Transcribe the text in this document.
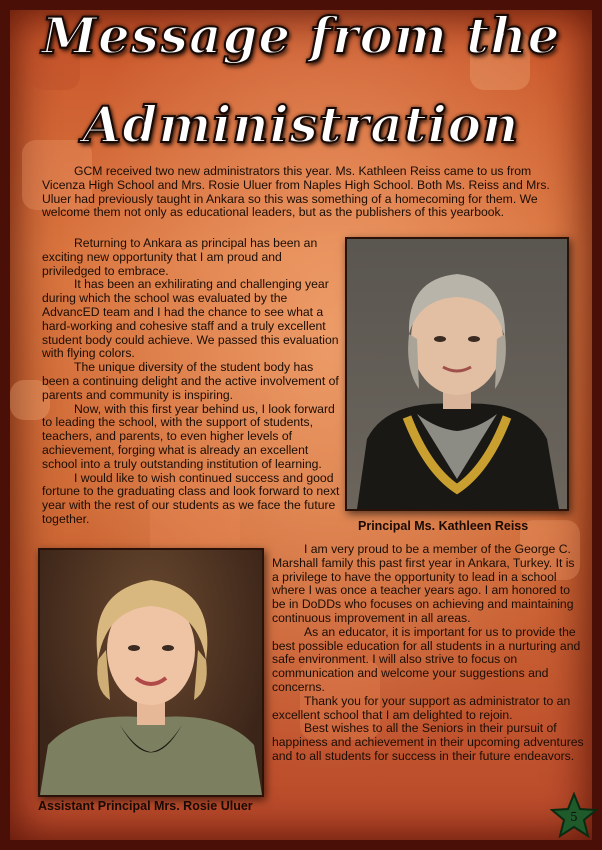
Message from the
Administration

GCM received two new administrators this year. Ms. Kathleen Reiss came to us from Vicenza High School and Mrs. Rosie Uluer from Naples High School. Both Ms. Reiss and Mrs. Uluer had previously taught in Ankara so this was something of a homecoming for them. We welcome them not only as educational leaders, but as the publishers of this yearbook.

Returning to Ankara as principal has been an exciting new opportunity that I am proud and priviledged to embrace.

It has been an exhilirating and challenging year during which the school was evaluated by the AdvancED team and I had the chance to see what a hard-working and cohesive staff and a truly excellent student body could achieve. We passed this evaluation with flying colors.

The unique diversity of the student body has been a continuing delight and the active involvement of parents and community is inspiring.

Now, with this first year behind us, I look forward to leading the school, with the support of students, teachers, and parents, to even higher levels of achievement, forging what is already an excellent school into a truly outstanding institution of learning.

I would like to wish continued success and good fortune to the graduating class and look forward to next year with the rest of our students as we face the future together.

Principal Ms. Kathleen Reiss
Assistant Principal Mrs. Rosie Uluer

I am very proud to be a member of the George C. Marshall family this past first year in Ankara, Turkey. It is a privilege to have the opportunity to lead in a school where I was once a teacher years ago. I am honored to be in DoDDs who focuses on achieving and maintaining continuous improvement in all areas.

As an educator, it is important for us to provide the best possible education for all students in a nurturing and safe environment. I will also strive to focus on communication and welcome your suggestions and concerns.

Thank you for your support as administrator to an excellent school that I am delighted to rejoin.

Best wishes to all the Seniors in their pursuit of happiness and achievement in their upcoming adventures and to all students for success in their future endeavors.

5
